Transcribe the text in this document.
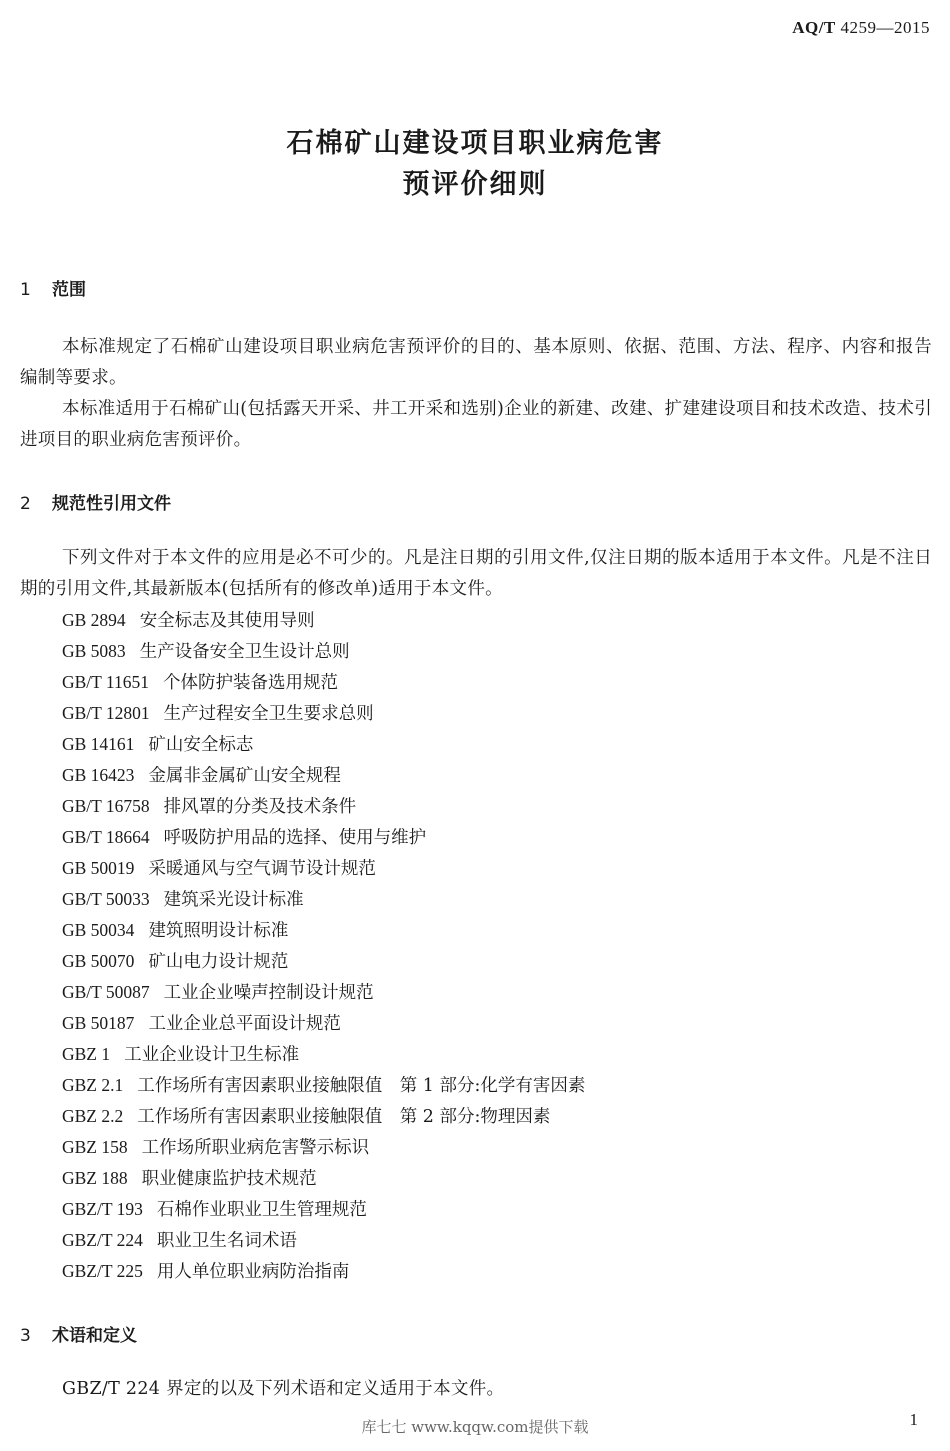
AQ/T 4259—2015
石棉矿山建设项目职业病危害
预评价细则
1 范围
本标准规定了石棉矿山建设项目职业病危害预评价的目的、基本原则、依据、范围、方法、程序、内容和报告编制等要求。
本标准适用于石棉矿山(包括露天开采、井工开采和选别)企业的新建、改建、扩建建设项目和技术改造、技术引进项目的职业病危害预评价。
2 规范性引用文件
下列文件对于本文件的应用是必不可少的。凡是注日期的引用文件,仅注日期的版本适用于本文件。凡是不注日期的引用文件,其最新版本(包括所有的修改单)适用于本文件。
GB 2894 安全标志及其使用导则
GB 5083 生产设备安全卫生设计总则
GB/T 11651 个体防护装备选用规范
GB/T 12801 生产过程安全卫生要求总则
GB 14161 矿山安全标志
GB 16423 金属非金属矿山安全规程
GB/T 16758 排风罩的分类及技术条件
GB/T 18664 呼吸防护用品的选择、使用与维护
GB 50019 采暖通风与空气调节设计规范
GB/T 50033 建筑采光设计标准
GB 50034 建筑照明设计标准
GB 50070 矿山电力设计规范
GB/T 50087 工业企业噪声控制设计规范
GB 50187 工业企业总平面设计规范
GBZ 1 工业企业设计卫生标准
GBZ 2.1 工作场所有害因素职业接触限值　第 1 部分:化学有害因素
GBZ 2.2 工作场所有害因素职业接触限值　第 2 部分:物理因素
GBZ 158 工作场所职业病危害警示标识
GBZ 188 职业健康监护技术规范
GBZ/T 193 石棉作业职业卫生管理规范
GBZ/T 224 职业卫生名词术语
GBZ/T 225 用人单位职业病防治指南
3 术语和定义
GBZ/T 224 界定的以及下列术语和定义适用于本文件。
库七七 www.kqqw.com提供下载	1
